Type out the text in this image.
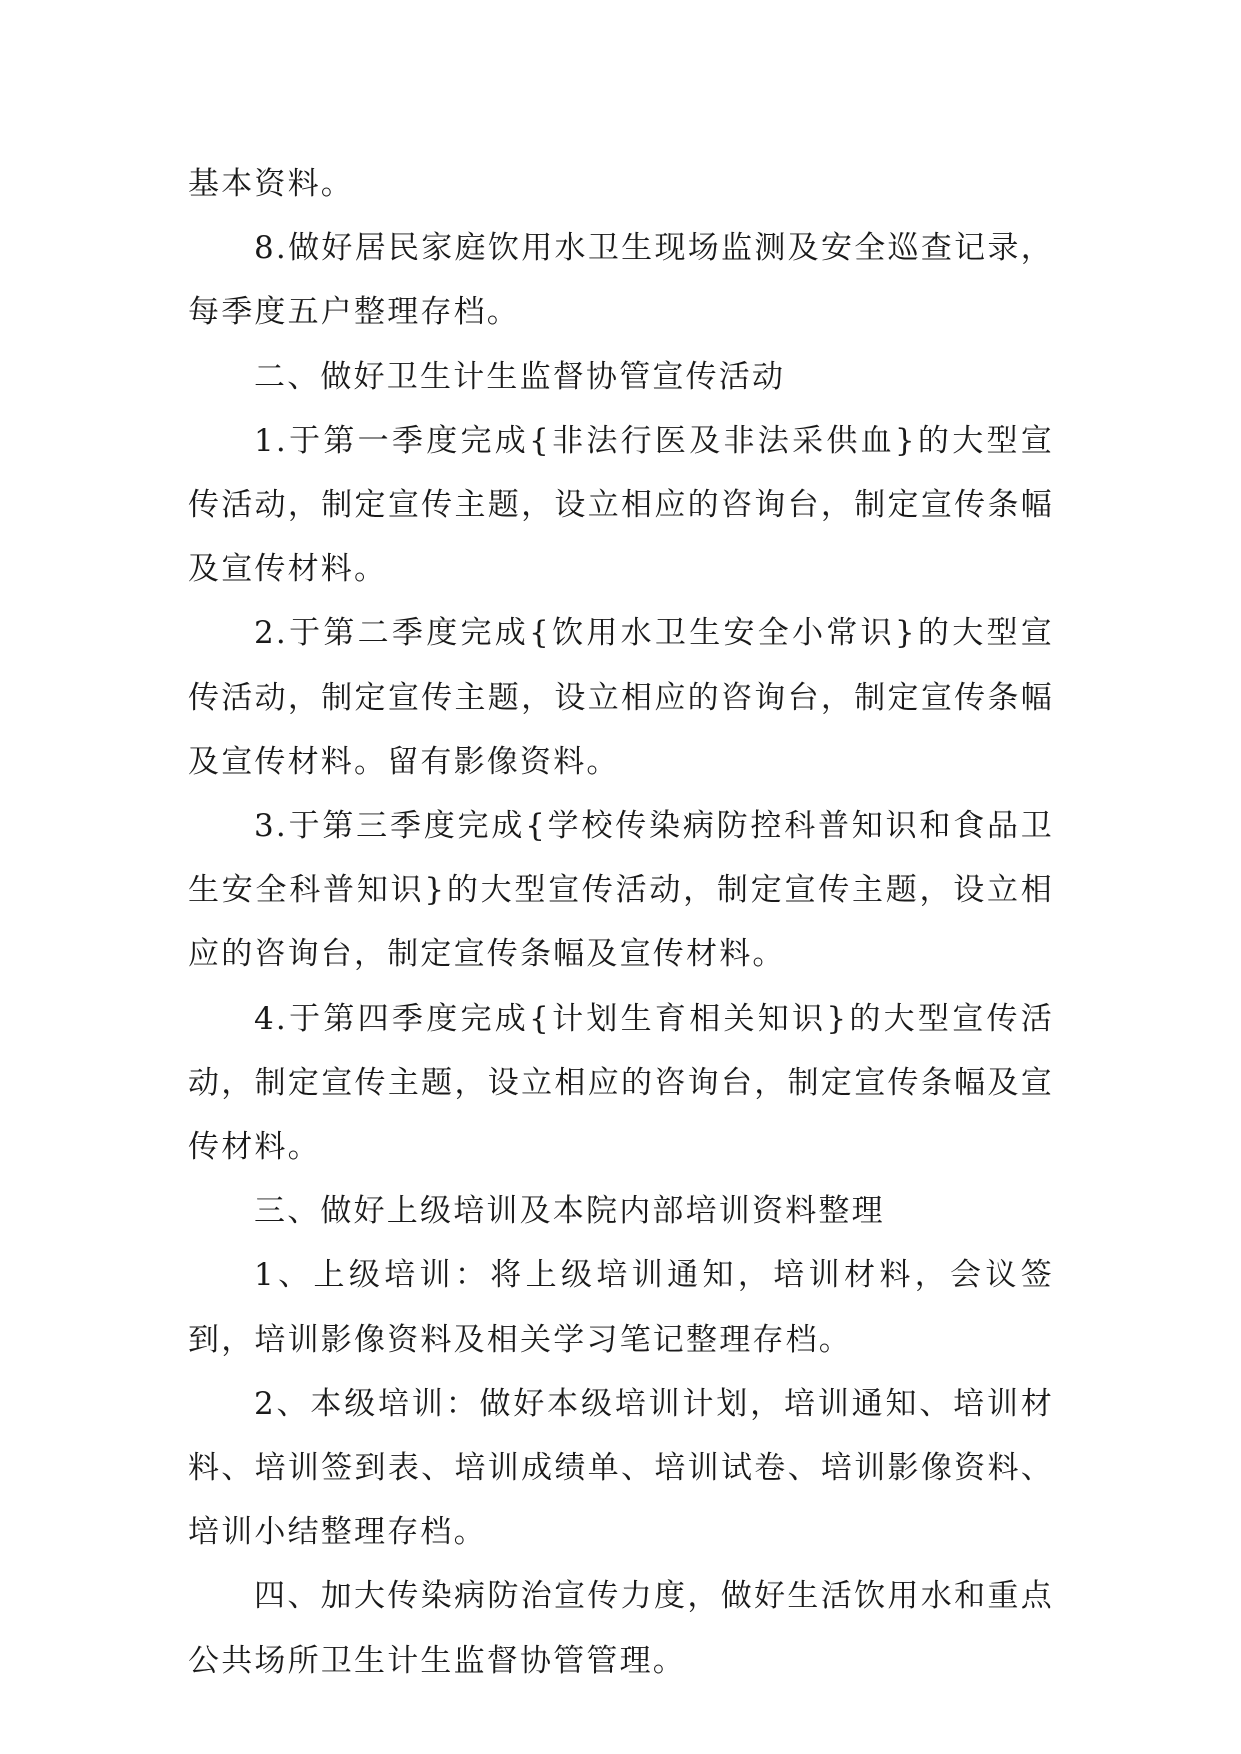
基本资料。

8.做好居民家庭饮用水卫生现场监测及安全巡查记录，每季度五户整理存档。

二、做好卫生计生监督协管宣传活动

1.于第一季度完成{非法行医及非法采供血}的大型宣传活动，制定宣传主题，设立相应的咨询台，制定宣传条幅及宣传材料。

2.于第二季度完成{饮用水卫生安全小常识}的大型宣传活动，制定宣传主题，设立相应的咨询台，制定宣传条幅及宣传材料。留有影像资料。

3.于第三季度完成{学校传染病防控科普知识和食品卫生安全科普知识}的大型宣传活动，制定宣传主题，设立相应的咨询台，制定宣传条幅及宣传材料。

4.于第四季度完成{计划生育相关知识}的大型宣传活动，制定宣传主题，设立相应的咨询台，制定宣传条幅及宣传材料。

三、做好上级培训及本院内部培训资料整理

1、上级培训：将上级培训通知，培训材料，会议签到，培训影像资料及相关学习笔记整理存档。

2、本级培训：做好本级培训计划，培训通知、培训材料、培训签到表、培训成绩单、培训试卷、培训影像资料、培训小结整理存档。

四、加大传染病防治宣传力度，做好生活饮用水和重点公共场所卫生计生监督协管管理。
